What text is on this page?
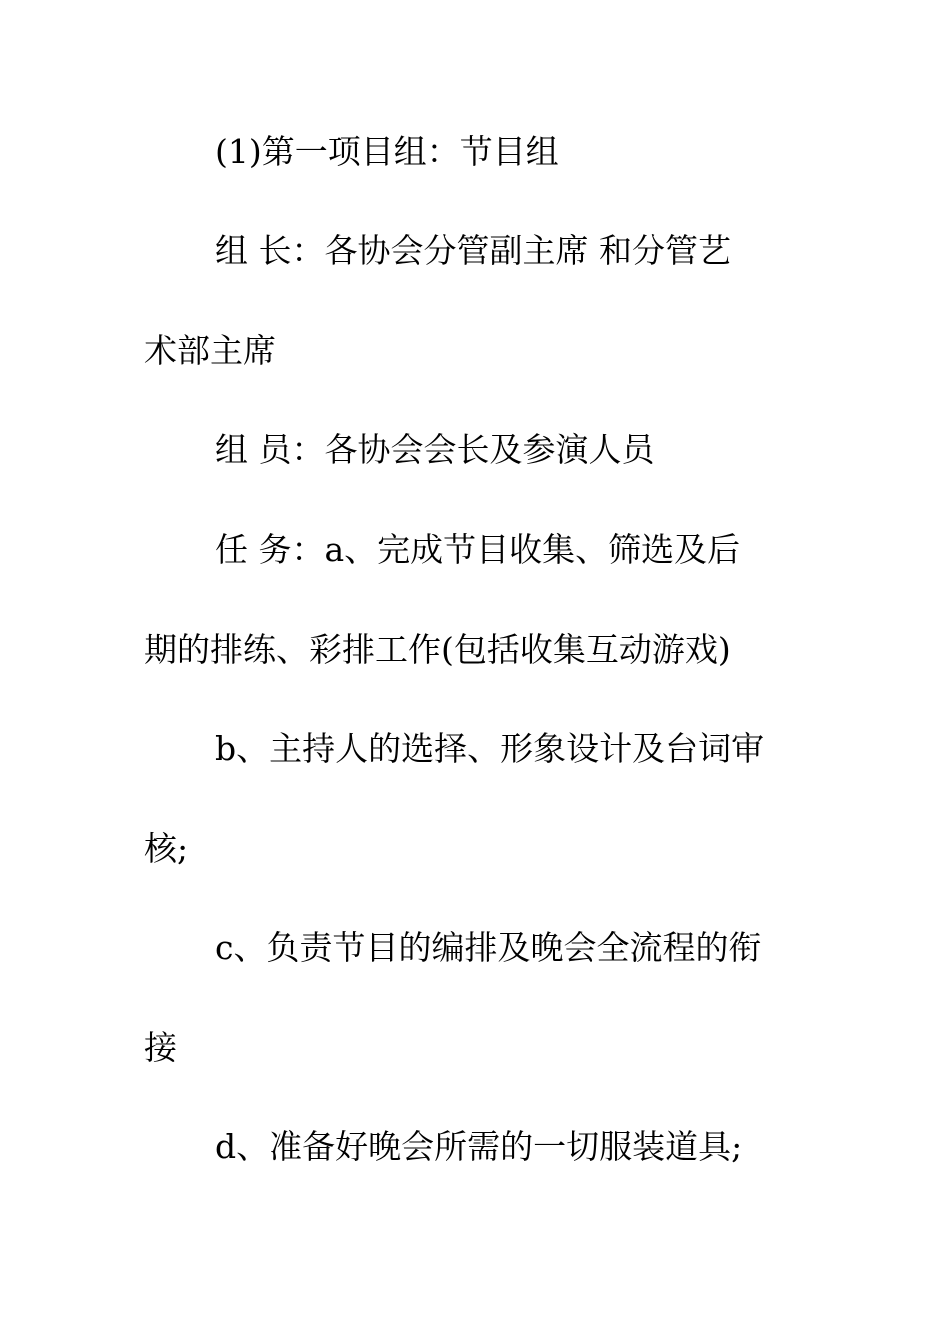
(1)第一项目组：节目组
组 长：各协会分管副主席 和分管艺
术部主席
组 员：各协会会长及参演人员
任 务：a、完成节目收集、筛选及后
期的排练、彩排工作(包括收集互动游戏)
b、主持人的选择、形象设计及台词审
核;
c、负责节目的编排及晚会全流程的衔
接
d、准备好晚会所需的一切服装道具;
